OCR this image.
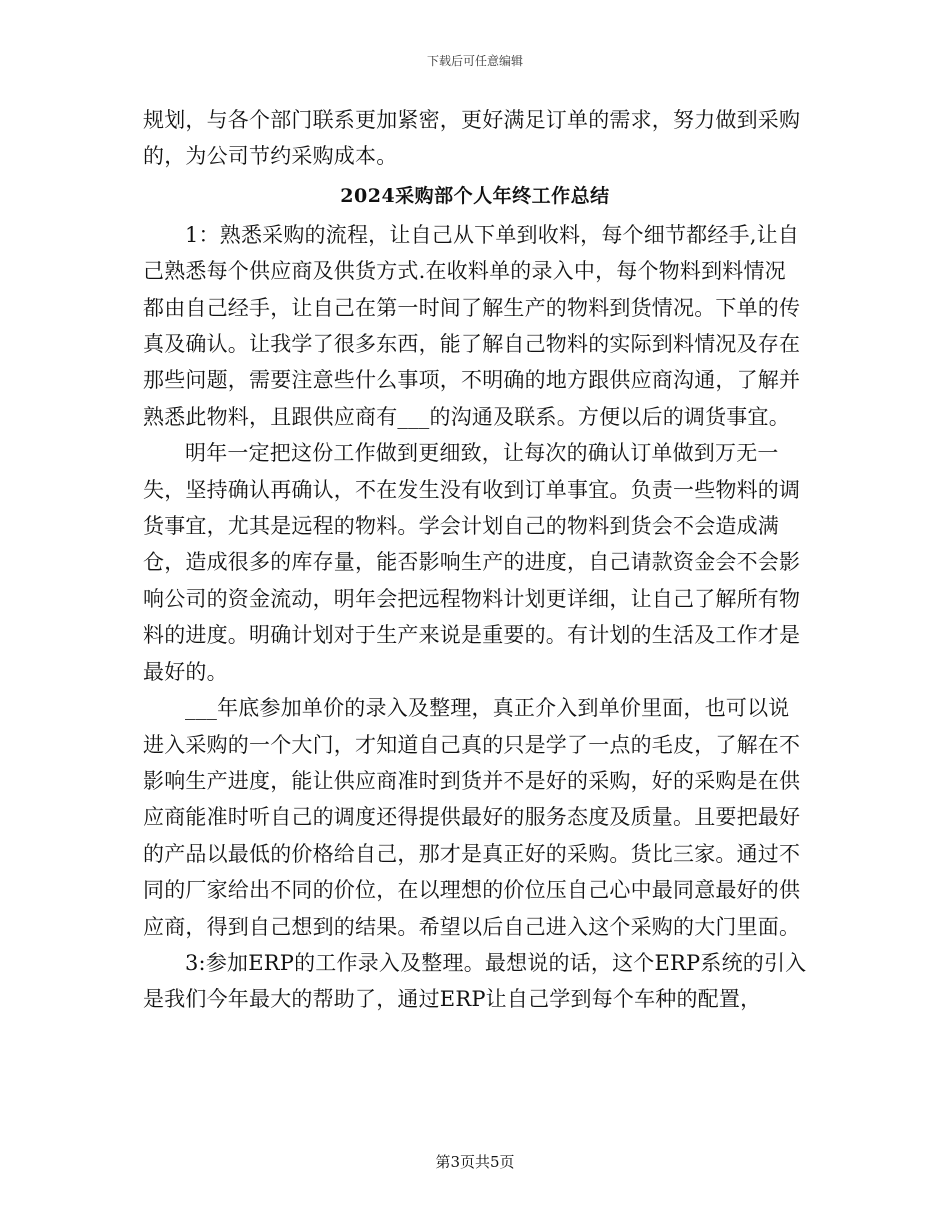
下载后可任意编辑

规划，与各个部门联系更加紧密，更好满足订单的需求，努力做到采购的，为公司节约采购成本。

2024采购部个人年终工作总结

1：熟悉采购的流程，让自己从下单到收料，每个细节都经手,让自己熟悉每个供应商及供货方式.在收料单的录入中，每个物料到料情况都由自己经手，让自己在第一时间了解生产的物料到货情况。下单的传真及确认。让我学了很多东西，能了解自己物料的实际到料情况及存在那些问题，需要注意些什么事项，不明确的地方跟供应商沟通，了解并熟悉此物料，且跟供应商有___的沟通及联系。方便以后的调货事宜。

明年一定把这份工作做到更细致，让每次的确认订单做到万无一失，坚持确认再确认，不在发生没有收到订单事宜。负责一些物料的调货事宜，尤其是远程的物料。学会计划自己的物料到货会不会造成满仓，造成很多的库存量，能否影响生产的进度，自己请款资金会不会影响公司的资金流动，明年会把远程物料计划更详细，让自己了解所有物料的进度。明确计划对于生产来说是重要的。有计划的生活及工作才是最好的。

___年底参加单价的录入及整理，真正介入到单价里面，也可以说进入采购的一个大门，才知道自己真的只是学了一点的毛皮，了解在不影响生产进度，能让供应商准时到货并不是好的采购，好的采购是在供应商能准时听自己的调度还得提供最好的服务态度及质量。且要把最好的产品以最低的价格给自己，那才是真正好的采购。货比三家。通过不同的厂家给出不同的价位，在以理想的价位压自己心中最同意最好的供应商，得到自己想到的结果。希望以后自己进入这个采购的大门里面。

3:参加ERP的工作录入及整理。最想说的话，这个ERP系统的引入是我们今年最大的帮助了，通过ERP让自己学到每个车种的配置，

第3页共5页
